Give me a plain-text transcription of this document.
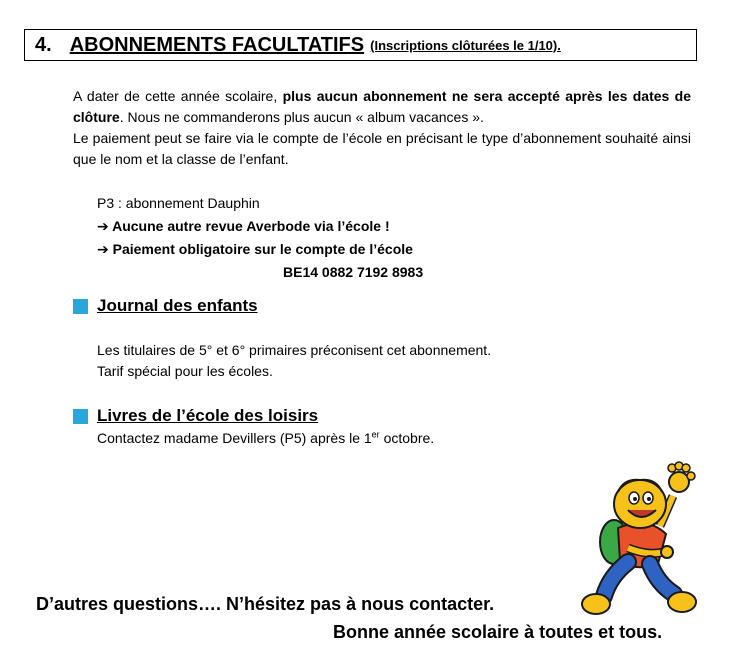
4. ABONNEMENTS FACULTATIFS (Inscriptions clôturées le 1/10).

A dater de cette année scolaire, plus aucun abonnement ne sera accepté après les dates de clôture. Nous ne commanderons plus aucun « album vacances ».

Le paiement peut se faire via le compte de l’école en précisant le type d’abonnement souhaité ainsi que le nom et la classe de l’enfant.

P3 : abonnement Dauphin
➔ Aucune autre revue Averbode via l’école !
➔ Paiement obligatoire sur le compte de l’école
BE14 0882 7192 8983
Journal des enfants

Les titulaires de 5° et 6° primaires préconisent cet abonnement.

Tarif spécial pour les écoles.

Livres de l’école des loisirs

Contactez madame Devillers (P5) après le 1er octobre.

D’autres questions…. N’hésitez pas à nous contacter.
Bonne année scolaire à toutes et tous.
